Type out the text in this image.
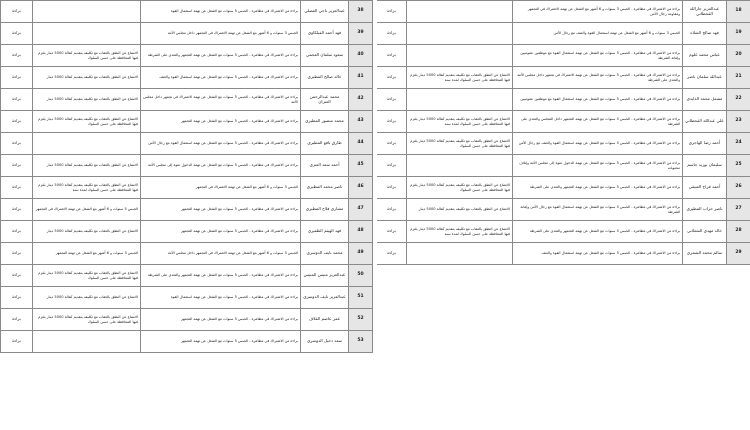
18	عبدالعزيز جارالله القحطاني	براءة من الاشتراك في مظاهرة - الحبس 3 سنوات و 6 أشهر مع الشغل عن تهمة الاشتراك في التجمهر ومقاومة رجال الأمن		براءة
19	فهد صالح الشلاه	الحبس 3 سنوات و 6 أشهر مع الشغل عن تهمة استعمال القوة والعنف مع رجال الأمن		براءة
20	عباس محمد غلوم	براءة من الاشتراك في مظاهرة - الحبس 5 سنوات مع الشغل عن تهمة استعمال القوة مع موظفين عموميين وإهانة الشرطة		براءة
21	عبدالله سلمان ناصر	براءة من الاشتراك في مظاهرة - الحبس 5 سنوات مع الشغل عن تهمة الاشتراك في تجمهر داخل مجلس الأمة والتعدي على الشرطة	الامتناع عن النطق بالعقاب مع تكليفه بتقديم كفالة 5000 دينار يلتزم فيها المحافظة على حسن السلوك لمدة سنة	براءة
22	مشعل محمد الذايدي	براءة من الاشتراك في مظاهرة - الحبس 5 سنوات مع الشغل عن تهمة استعمال القوة مع موظفين عموميين		براءة
23	علي عبدالله القحطاني	براءة من الاشتراك في مظاهرة - الحبس 5 سنوات مع الشغل عن تهمة التجمهر داخل المجلس والتعدي على الشرطة	الامتناع عن النطق بالعقاب مع تكليفه بتقديم كفالة 5000 دينار يلتزم فيها المحافظة على حسن السلوك لمدة سنة	براءة
24	أحمد رضا الهاجري	براءة من الاشتراك في مظاهرة - الحبس 5 سنوات مع الشغل عن تهمة استعمال القوة والعنف مع رجال الأمن	الامتناع عن النطق بالعقاب مع تكليفه بتقديم كفالة 5000 دينار يلتزم فيها المحافظة على حسن السلوك	براءة
25	سليمان بوزيد جاسم	براءة من الاشتراك في مظاهرة - الحبس 5 سنوات مع الشغل عن تهمة الدخول عنوة إلى مجلس الأمة وإتلاف محتوياته		براءة
26	أحمد قراح العتيقي	براءة من الاشتراك في مظاهرة - الحبس 5 سنوات مع الشغل عن تهمة التجمهر والتعدي على الشرطة	الامتناع عن النطق بالعقاب مع تكليفه بتقديم كفالة 5000 دينار يلتزم فيها المحافظة على حسن السلوك	براءة
27	ناصر حراب المطيري	براءة من الاشتراك في مظاهرة - الحبس 5 سنوات مع الشغل عن تهمة استعمال القوة مع رجال الأمن وإهانة الشرطة	الامتناع عن النطق بالعقاب مع تكليفه بتقديم كفالة 5000 دينار	براءة
28	خالد مهدي الشعلاني	براءة من الاشتراك في مظاهرة - الحبس 5 سنوات مع الشغل عن تهمة التجمهر والتعدي على الشرطة	الامتناع عن النطق بالعقاب مع تكليفه بتقديم كفالة 5000 دينار يلتزم فيها المحافظة على حسن السلوك لمدة سنة	براءة
29	سالم محمد الشمري	براءة من الاشتراك في مظاهرة - الحبس 5 سنوات مع الشغل عن تهمة استعمال القوة والعنف		براءة
38	عبدالعزيز ناجي الفضلي	براءة من الاشتراك في مظاهرة - الحبس 5 سنوات مع الشغل عن تهمة استعمال القوة		براءة
39	فهد أحمد الفيلكاوي	الحبس 3 سنوات و 6 أشهر مع الشغل عن تهمة الاشتراك في التجمهر داخل مجلس الأمة		براءة
40	سعود سلمان العجمي	براءة من الاشتراك في مظاهرة - الحبس 5 سنوات مع الشغل عن تهمة التجمهر والتعدي على الشرطة	الامتناع عن النطق بالعقاب مع تكليفه بتقديم كفالة 5000 دينار يلتزم فيها المحافظة على حسن السلوك	براءة
41	خالد صالح المطيري	براءة من الاشتراك في مظاهرة - الحبس 5 سنوات مع الشغل عن تهمة استعمال القوة والعنف	الامتناع عن النطق بالعقاب مع تكليفه بتقديم كفالة 5000 دينار	براءة
42	محمد عبدالرحمن العنزان	براءة من الاشتراك في مظاهرة - الحبس 5 سنوات مع الشغل عن تهمة الاشتراك في تجمهر داخل مجلس الأمة	الامتناع عن النطق بالعقاب مع تكليفه بتقديم كفالة 5000 دينار	براءة
43	محمد منصور المطيري	براءة من الاشتراك في مظاهرة - الحبس 5 سنوات مع الشغل عن تهمة التجمهر	الامتناع عن النطق بالعقاب مع تكليفه بتقديم كفالة 5000 دينار يلتزم فيها المحافظة على حسن السلوك	براءة
44	طارق نافع المطيري	براءة من الاشتراك في مظاهرة - الحبس 5 سنوات مع الشغل عن تهمة استعمال القوة مع رجال الأمن		براءة
45	أحمد سعد العنزي	براءة من الاشتراك في مظاهرة - الحبس 5 سنوات مع الشغل عن تهمة الدخول عنوة إلى مجلس الأمة	الامتناع عن النطق بالعقاب مع تكليفه بتقديم كفالة 5000 دينار	براءة
46	ناصر محمد المطيري	الحبس 3 سنوات و 6 أشهر مع الشغل عن تهمة الاشتراك في التجمهر	الامتناع عن النطق بالعقاب مع تكليفه بتقديم كفالة 5000 دينار يلتزم فيها المحافظة على حسن السلوك لمدة سنة	براءة
47	مشاري فلاح المطيري	براءة من الاشتراك في مظاهرة - الحبس 5 سنوات مع الشغل عن تهمة التجمهر	الحبس 5 سنوات و 6 أشهر مع الشغل عن تهمة الاشتراك في التجمهر	براءة
48	فهد الهيثم الظفيري	براءة من الاشتراك في مظاهرة - الحبس 5 سنوات مع الشغل عن تهمة التجمهر	الامتناع عن النطق بالعقاب مع تكليفه بتقديم كفالة 5000 دينار	براءة
49	محمد نايف الدوسري	الحبس 3 سنوات و 6 أشهر مع الشغل عن تهمة الاشتراك في التجمهر داخل مجلس الأمة	الحبس 3 سنوات و 6 أشهر مع الشغل عن تهمة التجمهر	براءة
50	عبدالعزيز منيس المنيس	براءة من الاشتراك في مظاهرة - الحبس 5 سنوات مع الشغل عن تهمة التجمهر والتعدي على الشرطة	الامتناع عن النطق بالعقاب مع تكليفه بتقديم كفالة 5000 دينار يلتزم فيها المحافظة على حسن السلوك	براءة
51	عبدالعزيز نايف الدوسري	براءة من الاشتراك في مظاهرة - الحبس 5 سنوات مع الشغل عن تهمة استعمال القوة	الامتناع عن النطق بالعقاب مع تكليفه بتقديم كفالة 5000 دينار	براءة
52	عمر عاصم القلاف	براءة من الاشتراك في مظاهرة - الحبس 5 سنوات مع الشغل عن تهمة التجمهر	الامتناع عن النطق بالعقاب مع تكليفه بتقديم كفالة 5000 دينار يلتزم فيها المحافظة على حسن السلوك	براءة
53	سعد دخيل الدوسري	براءة من الاشتراك في مظاهرة - الحبس 5 سنوات مع الشغل عن تهمة التجمهر		براءة
